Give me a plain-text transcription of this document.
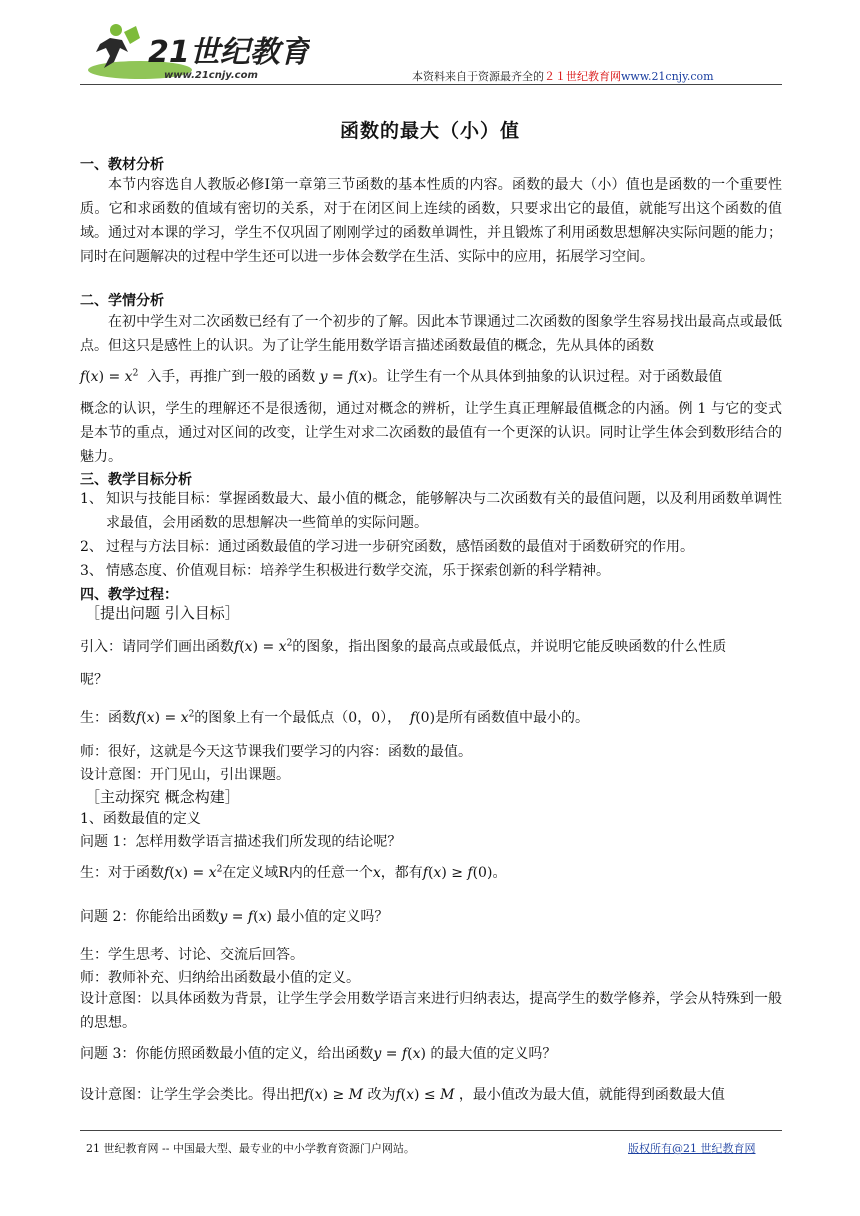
21世纪教育
www.21cnjy.com	本资料来自于资源最齐全的２１世纪教育网www.21cnjy.com
函数的最大（小）值
一、教材分析
本节内容选自人教版必修Ⅰ第一章第三节函数的基本性质的内容。函数的最大（小）值也是函数的一个重要性质。它和求函数的值域有密切的关系，对于在闭区间上连续的函数，只要求出它的最值，就能写出这个函数的值域。通过对本课的学习，学生不仅巩固了刚刚学过的函数单调性，并且锻炼了利用函数思想解决实际问题的能力；同时在问题解决的过程中学生还可以进一步体会数学在生活、实际中的应用，拓展学习空间。
二、学情分析
在初中学生对二次函数已经有了一个初步的了解。因此本节课通过二次函数的图象学生容易找出最高点或最低点。但这只是感性上的认识。为了让学生能用数学语言描述函数最值的概念，先从具体的函数
$f(x) = x^2$ 入手，再推广到一般的函数 y = f(x)。让学生有一个从具体到抽象的认识过程。对于函数最值
概念的认识，学生的理解还不是很透彻，通过对概念的辨析，让学生真正理解最值概念的内涵。例 1 与它的变式是本节的重点，通过对区间的改变，让学生对求二次函数的最值有一个更深的认识。同时让学生体会到数形结合的魅力。
三、教学目标分析
1、 知识与技能目标：掌握函数最大、最小值的概念，能够解决与二次函数有关的最值问题，以及利用函数单调性求最值，会用函数的思想解决一些简单的实际问题。
2、 过程与方法目标：通过函数最值的学习进一步研究函数，感悟函数的最值对于函数研究的作用。
3、 情感态度、价值观目标：培养学生积极进行数学交流，乐于探索创新的科学精神。
四、教学过程：
［提出问题 引入目标］
引入：请同学们画出函数$f(x) = x^2$的图象，指出图象的最高点或最低点，并说明它能反映函数的什么性质
呢？
生：函数$f(x) = x^2$的图象上有一个最低点（0，0）， f(0)是所有函数值中最小的。
师：很好，这就是今天这节课我们要学习的内容：函数的最值。
设计意图：开门见山，引出课题。
［主动探究 概念构建］
1、函数最值的定义
问题 1：怎样用数学语言描述我们所发现的结论呢？
生：对于函数$f(x) = x^2$在定义域R内的任意一个x，都有f(x) ≥ f(0)。
问题 2：你能给出函数y = f(x) 最小值的定义吗？
生：学生思考、讨论、交流后回答。
师：教师补充、归纳给出函数最小值的定义。
设计意图：以具体函数为背景，让学生学会用数学语言来进行归纳表达，提高学生的数学修养，学会从特殊到一般的思想。
问题 3：你能仿照函数最小值的定义，给出函数y = f(x) 的最大值的定义吗？
设计意图：让学生学会类比。得出把f(x) ≥ M 改为f(x) ≤ M ，最小值改为最大值，就能得到函数最大值
21 世纪教育网 -- 中国最大型、最专业的中小学教育资源门户网站。	版权所有@21 世纪教育网
